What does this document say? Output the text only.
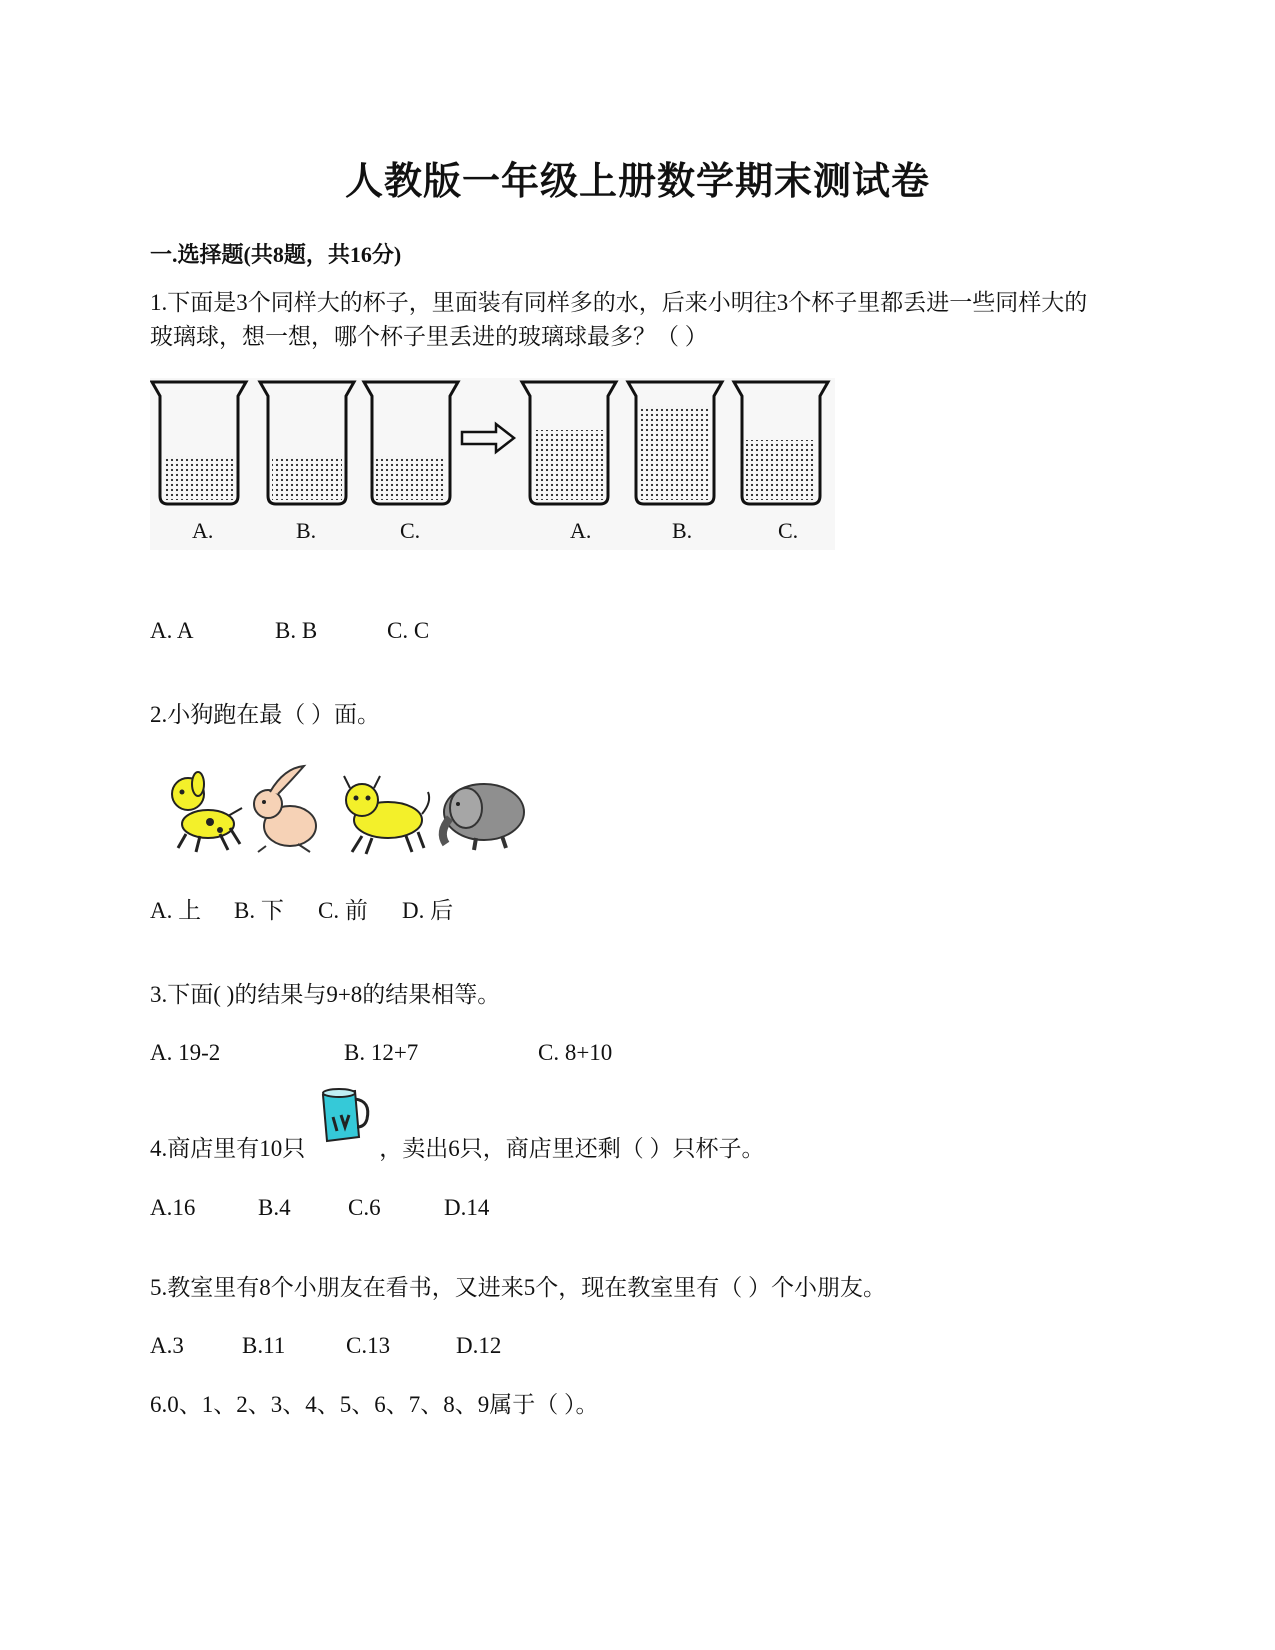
人教版一年级上册数学期末测试卷
一.选择题(共8题，共16分)
1.下面是3个同样大的杯子，里面装有同样多的水，后来小明往3个杯子里都丢进一些同样大的玻璃球，想一想，哪个杯子里丢进的玻璃球最多？（ ）
A.	B.	C.	A.	B.	C.
A. A	B. B	C. C
2.小狗跑在最（ ）面。
A. 上	B. 下	C. 前	D. 后
3.下面( )的结果与9+8的结果相等。
A. 19-2	B. 12+7	C. 8+10
4.商店里有10只	，卖出6只，商店里还剩（ ）只杯子。
A.16	B.4	C.6	D.14
5.教室里有8个小朋友在看书，又进来5个，现在教室里有（ ）个小朋友。
A.3	B.11	C.13	D.12
6.0、1、2、3、4、5、6、7、8、9属于（ ）。
